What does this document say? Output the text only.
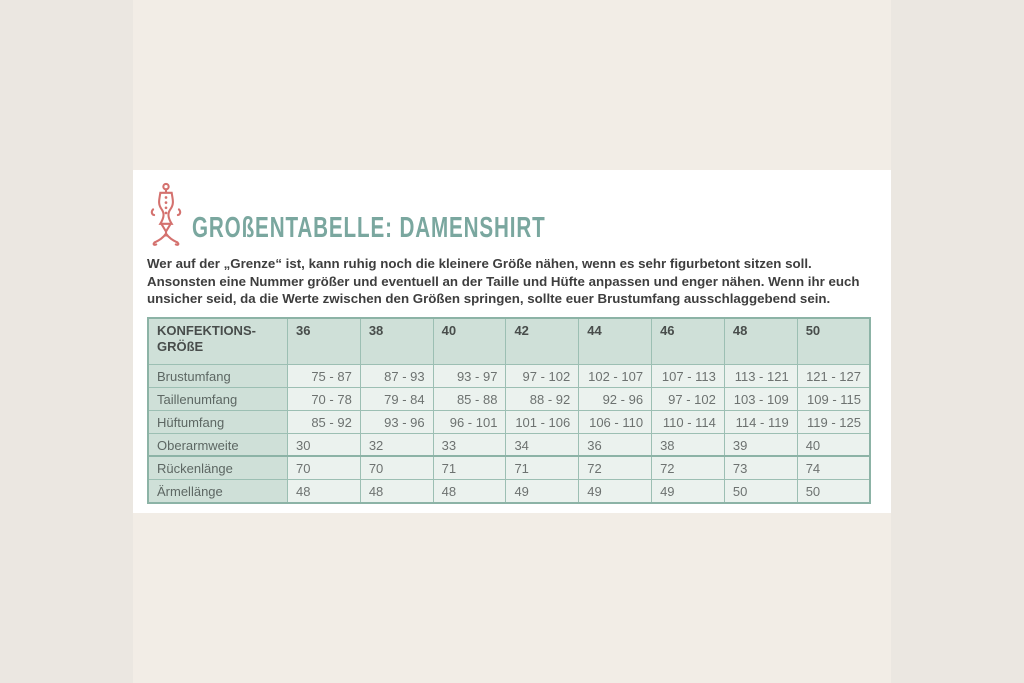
GROßENTABELLE: DAMENSHIRT

Wer auf der „Grenze“ ist, kann ruhig noch die kleinere Größe nähen, wenn es sehr figurbetont sitzen soll. Ansonsten eine Nummer größer und eventuell an der Taille und Hüfte anpassen und enger nähen. Wenn ihr euch unsicher seid, da die Werte zwischen den Größen springen, sollte euer Brustumfang ausschlaggebend sein.

KONFEKTIONS-
GRÖßE	36	38	40	42	44	46	48	50
Brustumfang	75 - 87	87 - 93	93 - 97	97 - 102	102 - 107	107 - 113	113 - 121	121 - 127
Taillenumfang	70 - 78	79 - 84	85 - 88	88 - 92	92 - 96	97 - 102	103 - 109	109 - 115
Hüftumfang	85 - 92	93 - 96	96 - 101	101 - 106	106 - 110	110 - 114	114 - 119	119 - 125
Oberarmweite	30	32	33	34	36	38	39	40
Rückenlänge	70	70	71	71	72	72	73	74
Ärmellänge	48	48	48	49	49	49	50	50
